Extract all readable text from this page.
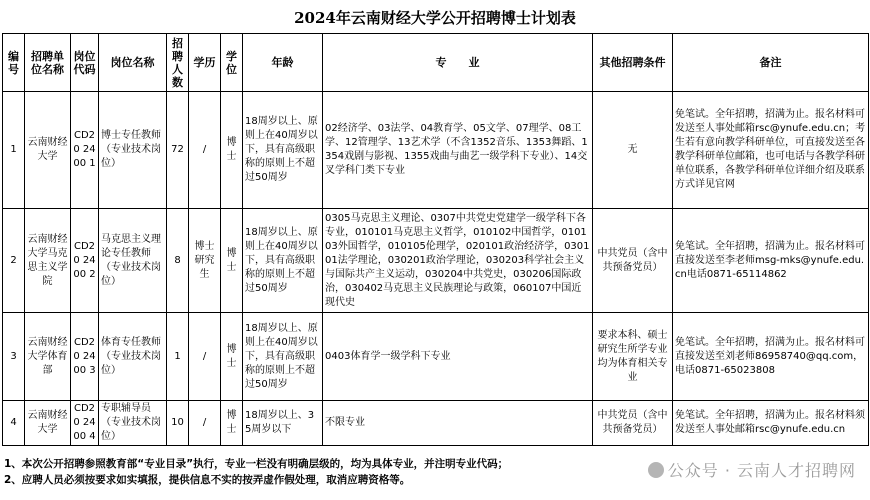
2024年云南财经大学公开招聘博士计划表
编号	招聘单位名称	岗位代码	岗位名称	招聘人数	学历	学位	年龄	专　　业	其他招聘条件	备注
1	云南财经大学	CD20 2400 1	博士专任教师（专业技术岗位）	72	/	博士	18周岁以上、原则上在40周岁以下，具有高级职称的原则上不超过50周岁	02经济学、03法学、04教育学、05文学、07理学、08工学、12管理学、13艺术学（不含1352音乐、1353舞蹈、1354戏剧与影视、1355戏曲与曲艺一级学科下专业）、14交叉学科门类下专业	无	免笔试。全年招聘，招满为止。报名材料可发送至人事处邮箱rsc@ynufe.edu.cn；考生若有意向教学科研单位，可直接发送至各教学科研单位邮箱，也可电话与各教学科研单位联系，各教学科研单位详细介绍及联系方式详见官网
2	云南财经大学马克思主义学院	CD20 2400 2	马克思主义理论专任教师（专业技术岗位）	8	博士研究生	博士	18周岁以上、原则上在40周岁以下，具有高级职称的原则上不超过50周岁	0305马克思主义理论、0307中共党史党建学一级学科下各专业，010101马克思主义哲学，010102中国哲学，010103外国哲学，010105伦理学，020101政治经济学，030101法学理论，030201政治学理论，030203科学社会主义与国际共产主义运动，030204中共党史，030206国际政治，030402马克思主义民族理论与政策，060107中国近现代史	中共党员（含中共预备党员）	免笔试。全年招聘，招满为止。报名材料可直接发送至李老师msg-mks@ynufe.edu.cn电话0871-65114862
3	云南财经大学体育部	CD20 2400 3	体育专任教师（专业技术岗位）	1	/	博士	18周岁以上、原则上在40周岁以下，具有高级职称的原则上不超过50周岁	0403体育学一级学科下专业	要求本科、硕士研究生所学专业均为体育相关专业	免笔试。全年招聘，招满为止。报名材料可直接发送至刘老师869587​40@qq.com，电话0871-65023808
4	云南财经大学	CD20 2400 4	专职辅导员（专业技术岗位）	10	/	博士	18周岁以上、35周岁以下	不限专业	中共党员（含中共预备党员）	免笔试。全年招聘，招满为止。报名材料须发送至人事处邮箱rsc@ynufe.edu.cn
1、本次公开招聘参照教育部“专业目录”执行，专业一栏没有明确层级的，均为具体专业，并注明专业代码；
2、应聘人员必须按要求如实填报，提供信息不实的按弄虚作假处理，取消应聘资格等。	公众号 · 云南人才招聘网
